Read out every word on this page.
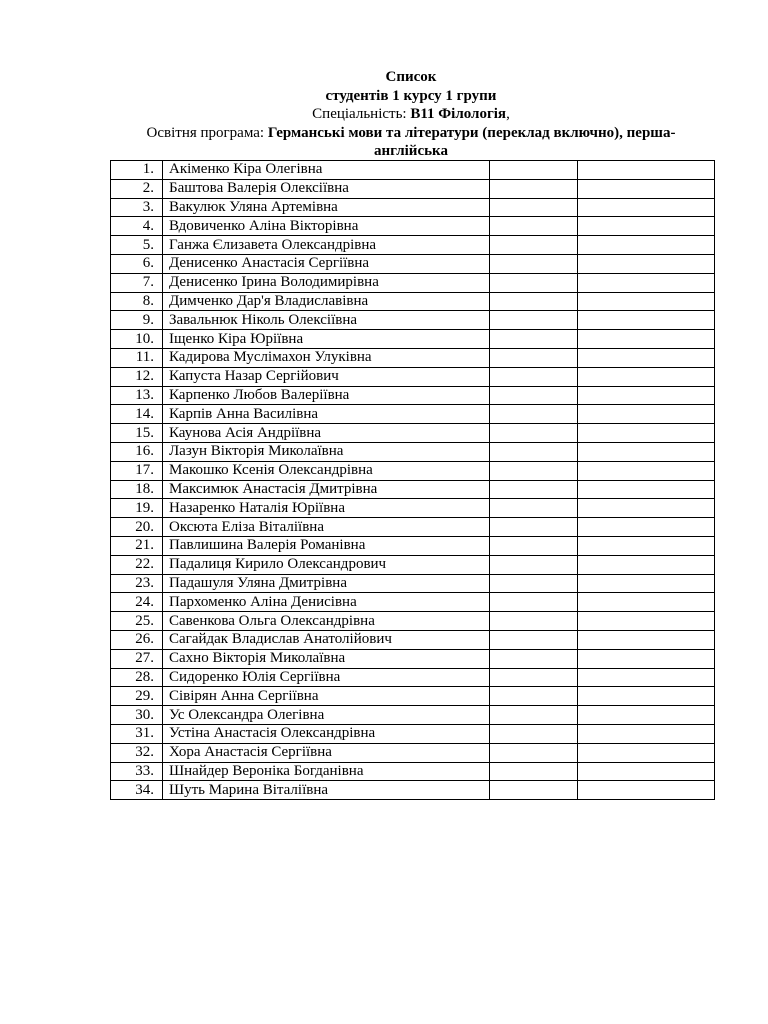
Список
студентів 1 курсу 1 групи
Спеціальність: В11 Філологія,
Освітня програма: Германські мови та літератури (переклад включно), перша-
англійська
1.	Акіменко Кіра Олегівна		
2.	Баштова Валерія Олексіївна		
3.	Вакулюк Уляна Артемівна		
4.	Вдовиченко Аліна Вікторівна		
5.	Ганжа Єлизавета Олександрівна		
6.	Денисенко Анастасія Сергіївна		
7.	Денисенко Ірина Володимирівна		
8.	Димченко Дар'я Владиславівна		
9.	Завальнюк Ніколь Олексіївна		
10.	Іщенко Кіра Юріївна		
11.	Кадирова Муслімахон Улуківна		
12.	Капуста Назар Сергійович		
13.	Карпенко Любов Валеріївна		
14.	Карпів Анна Василівна		
15.	Каунова Асія Андріївна		
16.	Лазун Вікторія Миколаївна		
17.	Макошко Ксенія Олександрівна		
18.	Максимюк Анастасія Дмитрівна		
19.	Назаренко Наталія Юріївна		
20.	Оксюта Еліза Віталіївна		
21.	Павлишина Валерія Романівна		
22.	Падалиця Кирило Олександрович		
23.	Падашуля Уляна Дмитрівна		
24.	Пархоменко Аліна Денисівна		
25.	Савенкова Ольга Олександрівна		
26.	Сагайдак Владислав Анатолійович		
27.	Сахно Вікторія Миколаївна		
28.	Сидоренко Юлія Сергіївна		
29.	Сівірян Анна Сергіївна		
30.	Ус Олександра Олегівна		
31.	Устіна Анастасія Олександрівна		
32.	Хора Анастасія Сергіївна		
33.	Шнайдер Вероніка Богданівна		
34.	Шуть Марина Віталіївна		
